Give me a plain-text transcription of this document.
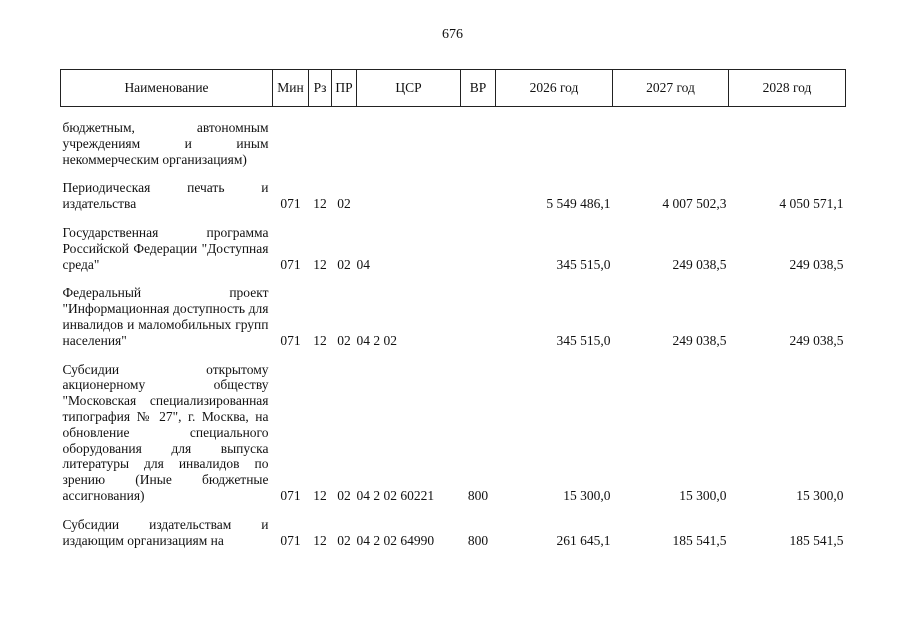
676
Наименование	Мин	Рз	ПР	ЦСР	ВР	2026 год	2027 год	2028 год

бюджетным, автономным учреждениям и иным некоммерческим организациям)								

Периодическая печать и издательства	071	12	02			5 549 486,1	4 007 502,3	4 050 571,1

Государственная программа Российской Федерации "Доступная среда"	071	12	02	04		345 515,0	249 038,5	249 038,5

Федеральный проект "Информационная доступность для инвалидов и маломобильных групп населения"	071	12	02	04 2 02		345 515,0	249 038,5	249 038,5

Субсидии открытому акционерному обществу "Московская специализированная типография № 27", г. Москва, на обновление специального оборудования для выпуска литературы для инвалидов по зрению (Иные бюджетные ассигнования)	071	12	02	04 2 02 60221	800	15 300,0	15 300,0	15 300,0

Субсидии издательствам и издающим организациям на	071	12	02	04 2 02 64990	800	261 645,1	185 541,5	185 541,5
